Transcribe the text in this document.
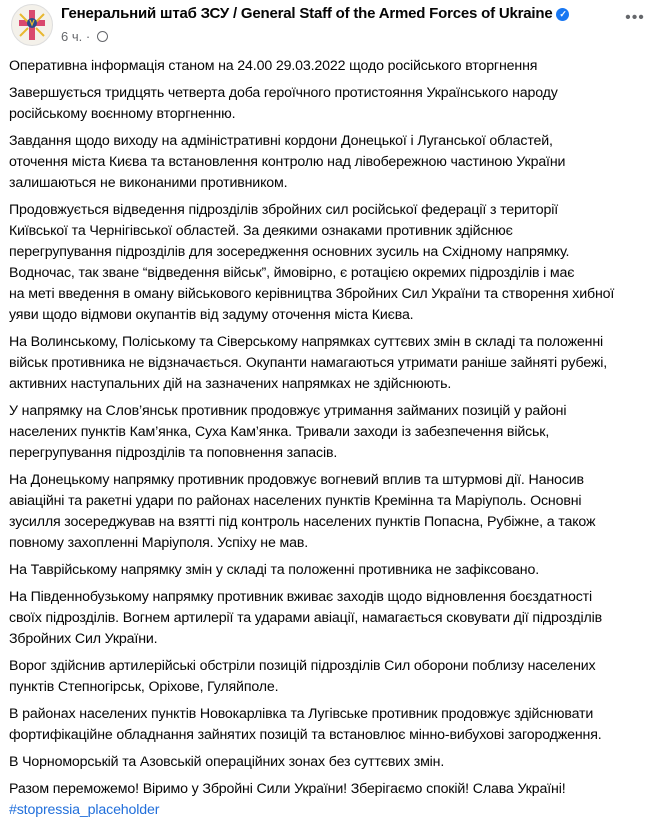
Генеральний штаб ЗСУ / General Staff of the Armed Forces of Ukraine ✓
6 ч. ·
•••
Оперативна інформація станом на 24.00 29.03.2022 щодо російського вторгнення
Завершується тридцять четверта доба героїчного протистояння Українського народу
російському воєнному вторгненню.
Завдання щодо виходу на адміністративні кордони Донецької і Луганської областей,
оточення міста Києва та встановлення контролю над лівобережною частиною України
залишаються не виконаними противником.
Продовжується відведення підрозділів збройних сил російської федерації з території
Київської та Чернігівської областей. За деякими ознаками противник здійснює
перегрупування підрозділів для зосередження основних зусиль на Східному напрямку.
Водночас, так зване “відведення військ”, ймовірно, є ротацією окремих підрозділів і має
на меті введення в оману військового керівництва Збройних Сил України та створення хибної
уяви щодо відмови окупантів від задуму оточення міста Києва.
На Волинському, Поліському та Сіверському напрямках суттєвих змін в складі та положенні
військ противника не відзначається. Окупанти намагаються утримати раніше зайняті рубежі,
активних наступальних дій на зазначених напрямках не здійснюють.
У напрямку на Слов’янськ противник продовжує утримання займаних позицій у районі
населених пунктів Кам’янка, Суха Кам’янка. Тривали заходи із забезпечення військ,
перегрупування підрозділів та поповнення запасів.
На Донецькому напрямку противник продовжує вогневий вплив та штурмові дії. Наносив
авіаційні та ракетні удари по районах населених пунктів Кремінна та Маріуполь. Основні
зусилля зосереджував на взятті під контроль населених пунктів Попасна, Рубіжне, а також
повному захопленні Маріуполя. Успіху не мав.
На Таврійському напрямку змін у складі та положенні противника не зафіксовано.
На Південнобузькому напрямку противник вживає заходів щодо відновлення боєздатності
своїх підрозділів. Вогнем артилерії та ударами авіації, намагається сковувати дії підрозділів
Збройних Сил України.
Ворог здійснив артилерійські обстріли позицій підрозділів Сил оборони поблизу населених
пунктів Степногірськ, Оріхове, Гуляйполе.
В районах населених пунктів Новокарлівка та Лугівське противник продовжує здійснювати
фортифікаційне обладнання зайнятих позицій та встановлює мінно-вибухові загородження.
В Чорноморській та Азовській операційних зонах без суттєвих змін.
Разом переможемо! Віримо у Збройні Сили України! Зберігаємо спокій! Слава Україні!
#stopressia_placeholder
